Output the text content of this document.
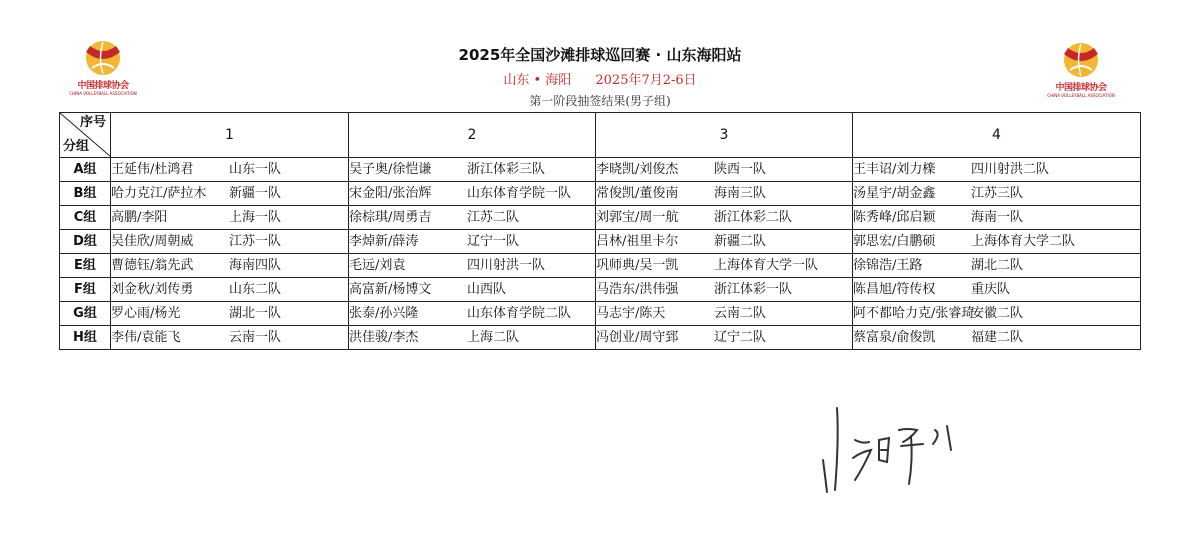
中国排球协会
CHINA VOLLEYBALL ASSOCIATION
中国排球协会
CHINA VOLLEYBALL ASSOCIATION
2025年全国沙滩排球巡回赛 · 山东海阳站
山东 • 海阳 2025年7月2-6日
第一阶段抽签结果(男子组)
序号
分组	1	2	3	4
A组	王延伟/杜鸿君 山东一队	吴子奥/徐恺谦 浙江体彩三队	李晓凯/刘俊杰 陕西一队	王丰诏/刘力檪 四川射洪二队
B组	哈力克江/萨拉木 新疆一队	宋金阳/张治辉 山东体育学院一队	常俊凯/董俊南 海南三队	汤星宇/胡金鑫 江苏三队
C组	高鹏/李阳 上海一队	徐棕琪/周勇吉 江苏二队	刘郭宝/周一航 浙江体彩二队	陈秀峰/邱启颖 海南一队
D组	吴佳欣/周朝威 江苏一队	李焯新/薛涛 辽宁一队	吕林/祖里卡尔 新疆二队	郭思宏/白鹏硕 上海体育大学二队
E组	曹德钰/翁先武 海南四队	毛远/刘袁 四川射洪一队	巩师典/吴一凯 上海体育大学一队	徐锦浩/王路 湖北二队
F组	刘金秋/刘传勇 山东二队	高富新/杨博文 山西队	马浩东/洪伟强 浙江体彩一队	陈昌旭/符传权 重庆队
G组	罗心雨/杨光 湖北一队	张泰/孙兴隆 山东体育学院二队	马志宇/陈天 云南二队	阿不都哈力克/张睿琦安徽二队
H组	李伟/袁能飞 云南一队	洪佳骏/李杰 上海二队	冯创业/周守郅 辽宁二队	蔡富泉/俞俊凯 福建二队
